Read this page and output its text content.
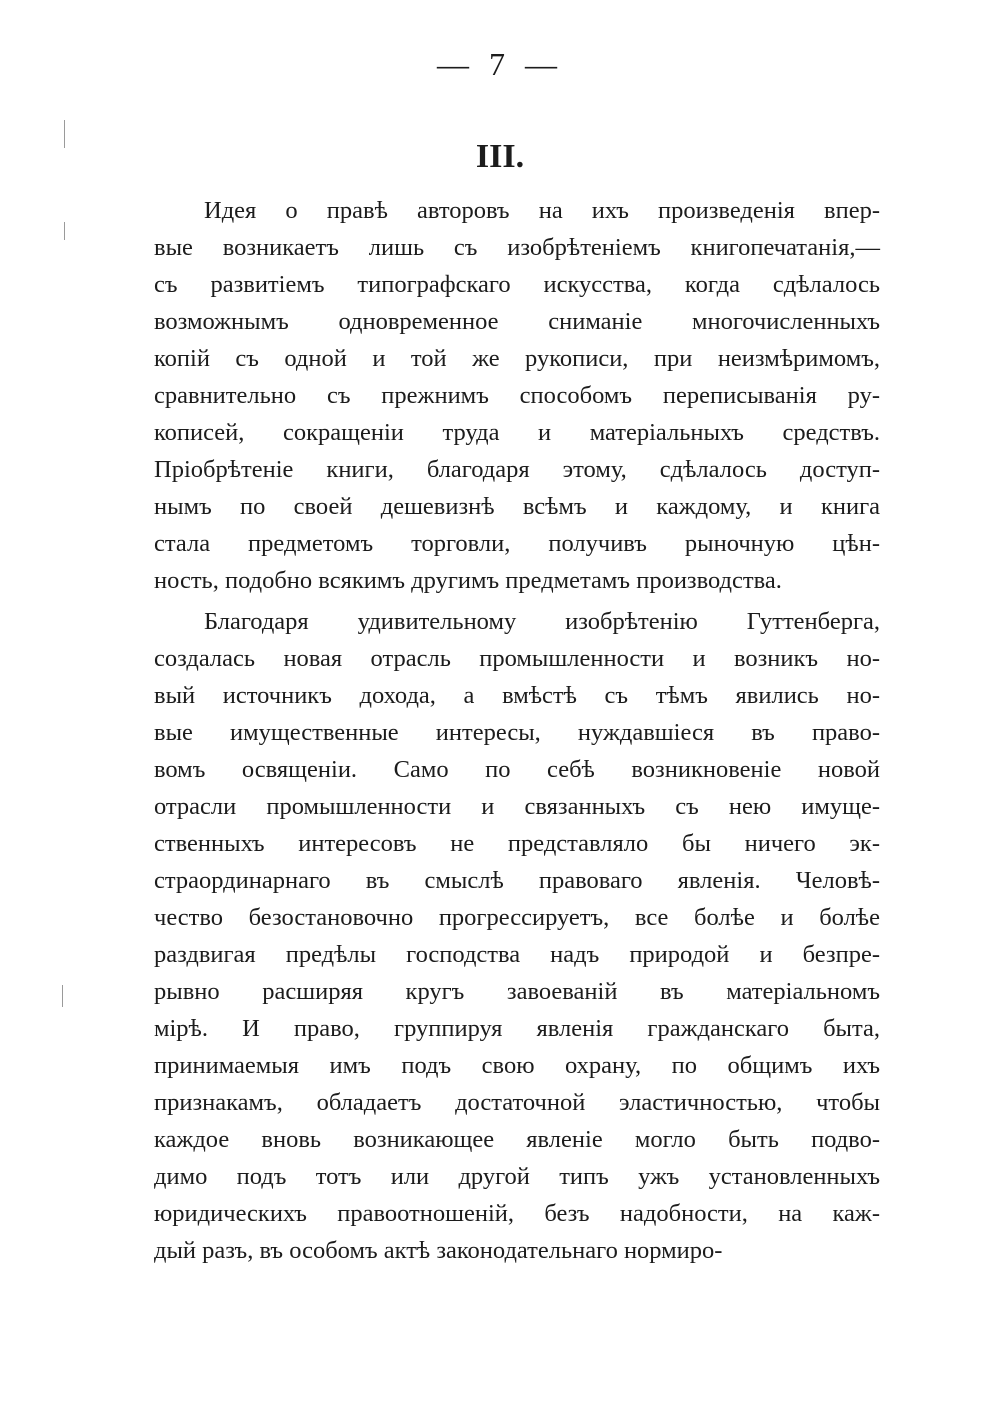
— 7 —
III.
Идея о правѣ авторовъ на ихъ произведенія впер-
вые возникаетъ лишь съ изобрѣтеніемъ книгопечатанія,—
съ развитіемъ типографскаго искусства, когда сдѣлалось
возможнымъ одновременное сниманіе многочисленныхъ
копій съ одной и той же рукописи, при неизмѣримомъ,
сравнительно съ прежнимъ способомъ переписыванія ру-
кописей, сокращеніи труда и матеріальныхъ средствъ.
Пріобрѣтеніе книги, благодаря этому, сдѣлалось доступ-
нымъ по своей дешевизнѣ всѣмъ и каждому, и книга
стала предметомъ торговли, получивъ рыночную цѣн-
ность, подобно всякимъ другимъ предметамъ производства.
Благодаря удивительному изобрѣтенію Гуттенберга,
создалась новая отрасль промышленности и возникъ но-
вый источникъ дохода, а вмѣстѣ съ тѣмъ явились но-
вые имущественные интересы, нуждавшіеся въ право-
вомъ освященіи. Само по себѣ возникновеніе новой
отрасли промышленности и связанныхъ съ нею имуще-
ственныхъ интересовъ не представляло бы ничего эк-
страординарнаго въ смыслѣ правоваго явленія. Человѣ-
чество безостановочно прогрессируетъ, все болѣе и болѣе
раздвигая предѣлы господства надъ природой и безпре-
рывно расширяя кругъ завоеваній въ матеріальномъ
мірѣ. И право, группируя явленія гражданскаго быта,
принимаемыя имъ подъ свою охрану, по общимъ ихъ
признакамъ, обладаетъ достаточной эластичностью, чтобы
каждое вновь возникающее явленіе могло быть подво-
димо подъ тотъ или другой типъ ужъ установленныхъ
юридическихъ правоотношеній, безъ надобности, на каж-
дый разъ, въ особомъ актѣ законодательнаго нормиро-
